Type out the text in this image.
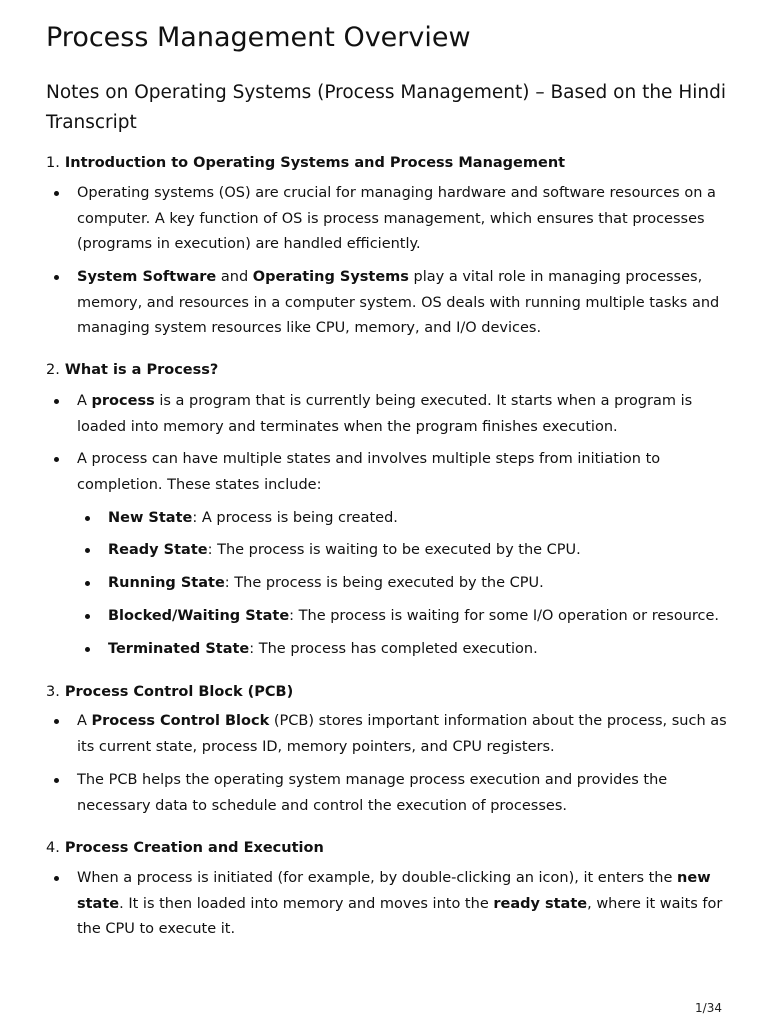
Process Management Overview
Notes on Operating Systems (Process Management) – Based on the Hindi Transcript
1. Introduction to Operating Systems and Process Management

Operating systems (OS) are crucial for managing hardware and software resources on a computer. A key function of OS is process management, which ensures that processes (programs in execution) are handled efficiently.

System Software and Operating Systems play a vital role in managing processes, memory, and resources in a computer system. OS deals with running multiple tasks and managing system resources like CPU, memory, and I/O devices.

2. What is a Process?

A process is a program that is currently being executed. It starts when a program is loaded into memory and terminates when the program finishes execution.

A process can have multiple states and involves multiple steps from initiation to completion. These states include:

New State: A process is being created.

Ready State: The process is waiting to be executed by the CPU.

Running State: The process is being executed by the CPU.

Blocked/Waiting State: The process is waiting for some I/O operation or resource.

Terminated State: The process has completed execution.

3. Process Control Block (PCB)

A Process Control Block (PCB) stores important information about the process, such as its current state, process ID, memory pointers, and CPU registers.

The PCB helps the operating system manage process execution and provides the necessary data to schedule and control the execution of processes.

4. Process Creation and Execution

When a process is initiated (for example, by double-clicking an icon), it enters the new state. It is then loaded into memory and moves into the ready state, where it waits for the CPU to execute it.

1/34
